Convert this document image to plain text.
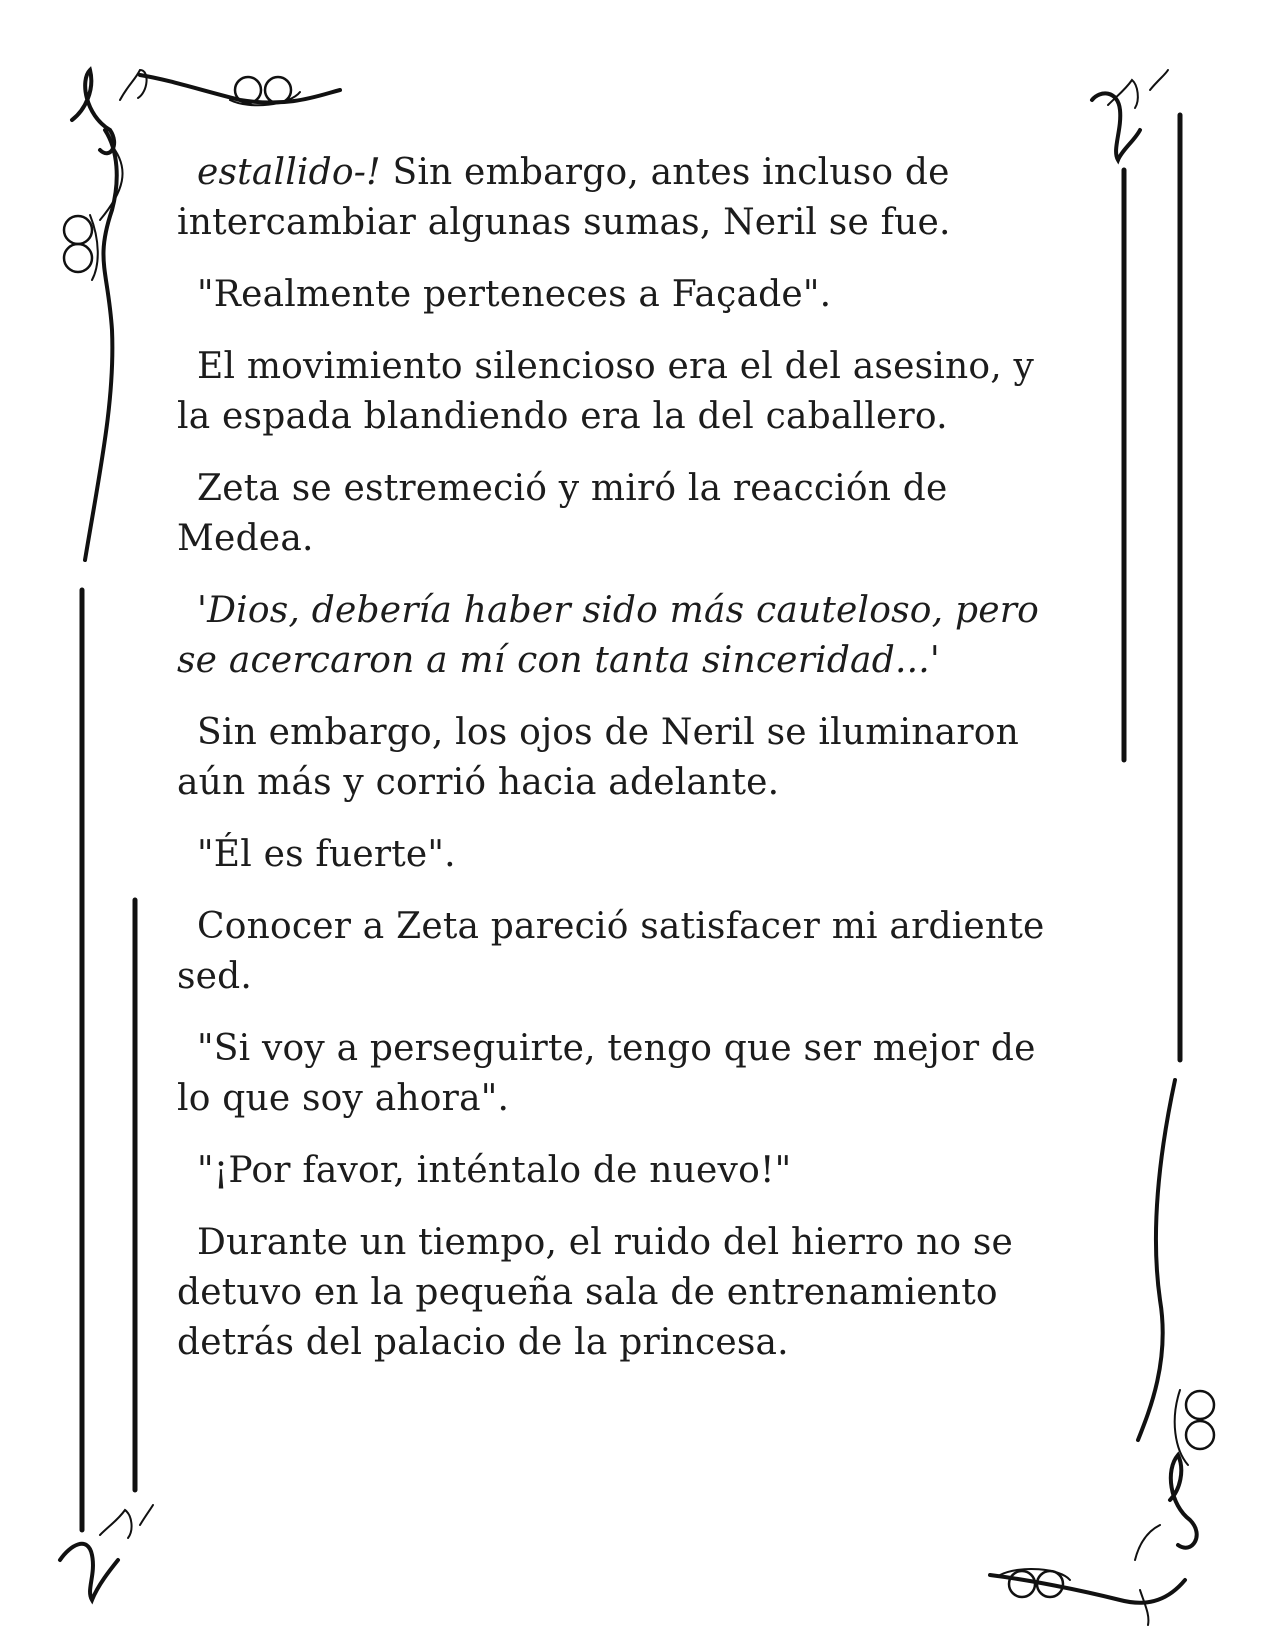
estallido-! Sin embargo, antes incluso de intercambiar algunas sumas, Neril se fue.

"Realmente perteneces a Façade".

El movimiento silencioso era el del asesino, y la espada blandiendo era la del caballero.

Zeta se estremeció y miró la reacción de Medea.

'Dios, debería haber sido más cauteloso, pero se acercaron a mí con tanta sinceridad...'

Sin embargo, los ojos de Neril se iluminaron aún más y corrió hacia adelante.

"Él es fuerte".

Conocer a Zeta pareció satisfacer mi ardiente sed.

"Si voy a perseguirte, tengo que ser mejor de lo que soy ahora".

"¡Por favor, inténtalo de nuevo!"

Durante un tiempo, el ruido del hierro no se detuvo en la pequeña sala de entrenamiento detrás del palacio de la princesa.
